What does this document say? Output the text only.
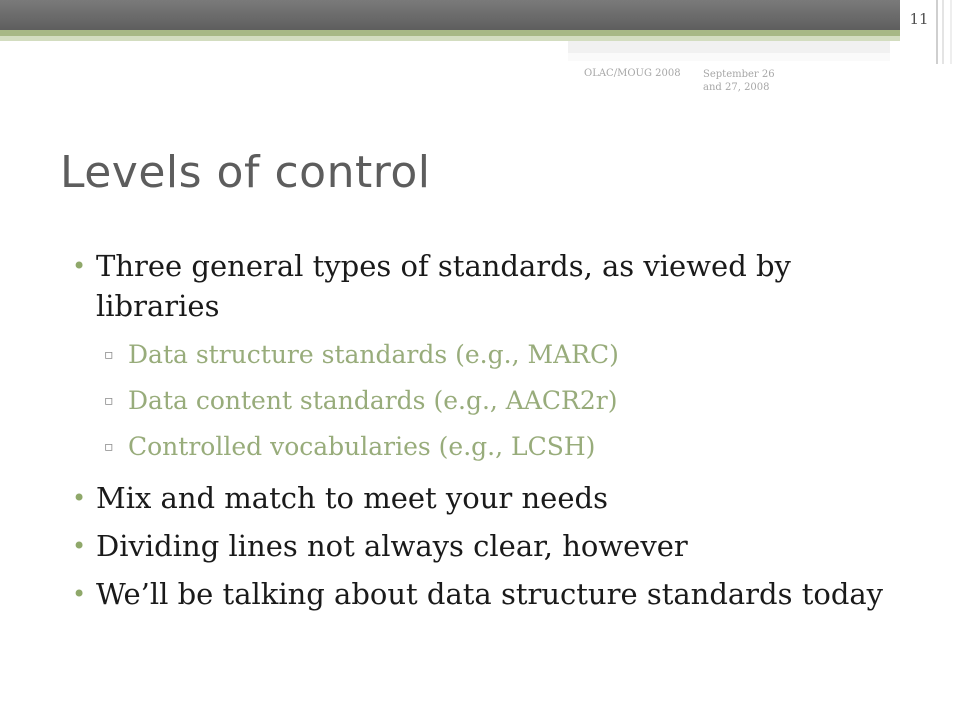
11
OLAC/MOUG 2008 September 26 and 27, 2008
Levels of control
• Three general types of standards, as viewed by libraries
▫ Data structure standards (e.g., MARC)
▫ Data content standards (e.g., AACR2r)
▫ Controlled vocabularies (e.g., LCSH)
• Mix and match to meet your needs
• Dividing lines not always clear, however
• We’ll be talking about data structure standards today
